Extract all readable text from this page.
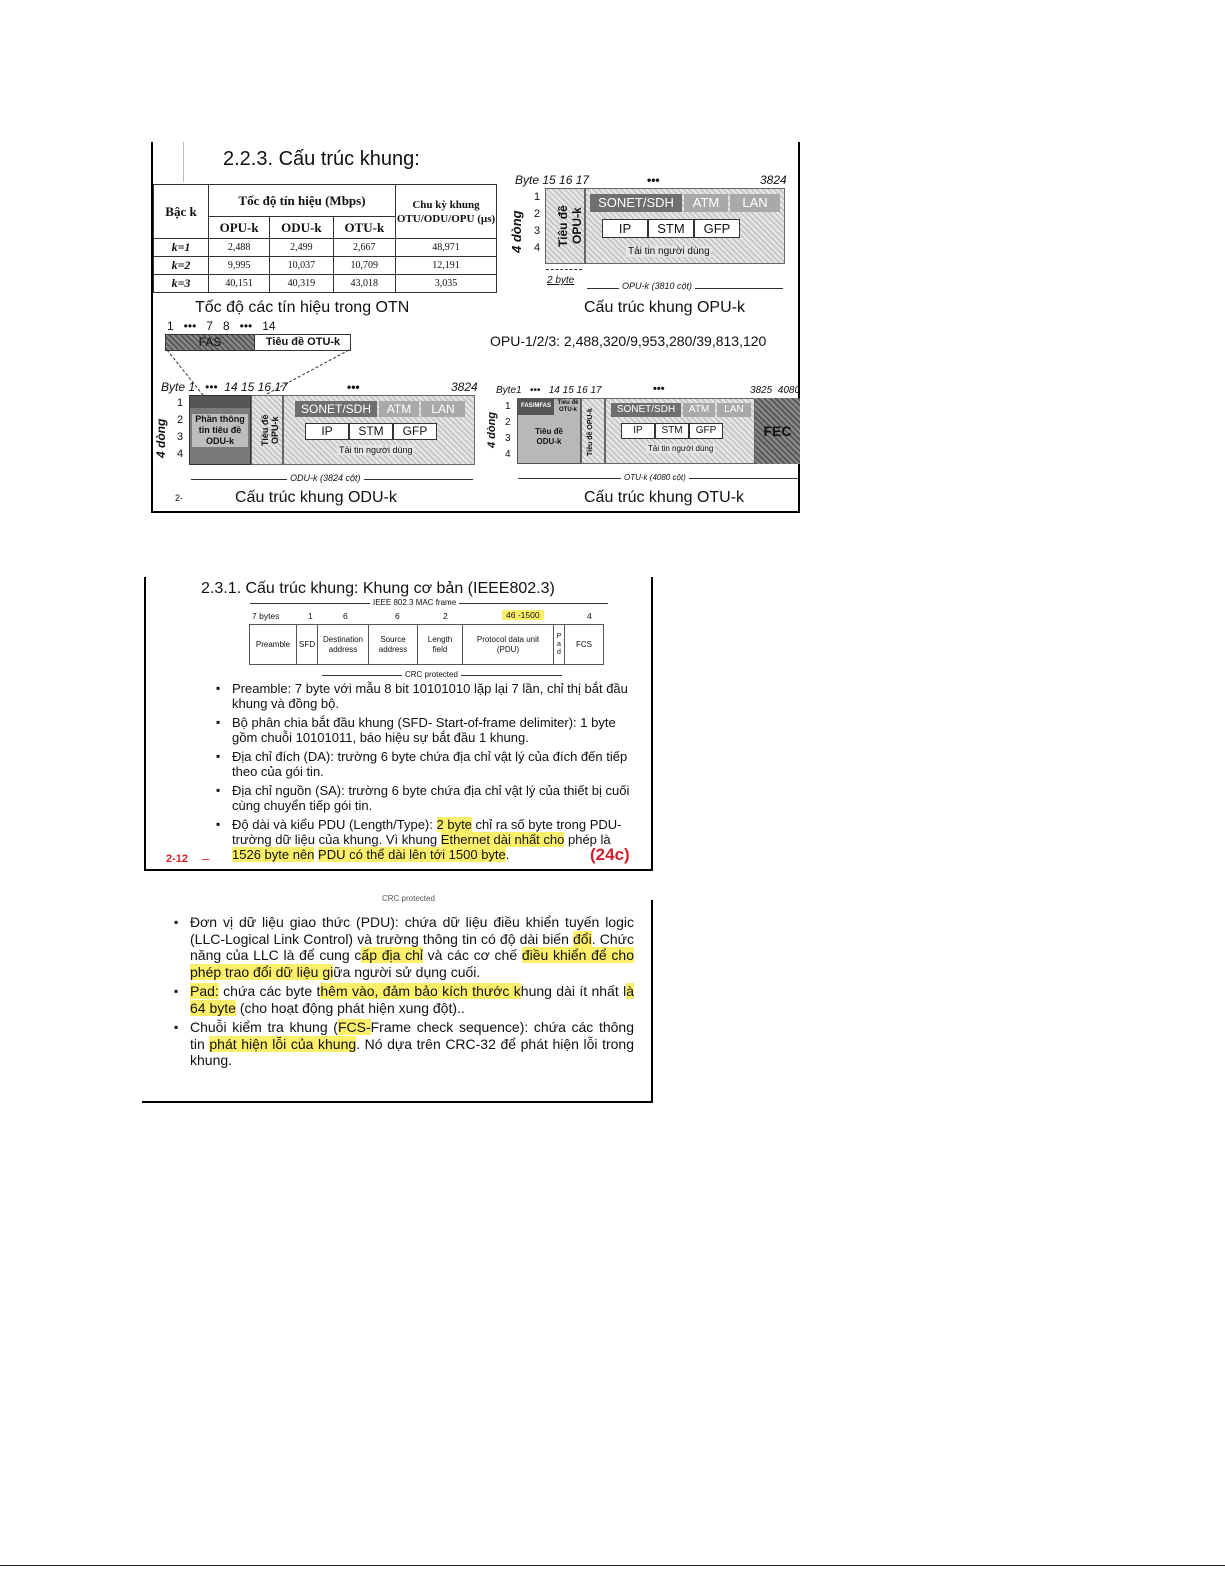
2.2.3. Cấu trúc khung:
Bậc k	Tốc độ tín hiệu (Mbps)			Chu kỳ khung OTU/ODU/OPU (µs)
	OPU-k	ODU-k	OTU-k	
k=1	2,488	2,499	2,667	48,971
k=2	9,995	10,037	10,709	12,191
k=3	40,151	40,319	43,018	3,035
Tốc độ các tín hiệu trong OTN
Byte 15 16 17	•••	3824
4 dòng
1
2
3
4
Tiêu đề OPU-k
SONET/SDH	ATM	LAN
IP	STM	GFP
Tải tin người dùng
2 byte	OPU-k (3810 cột)
Cấu trúc khung OPU-k
OPU-1/2/3: 2,488,320/9,953,280/39,813,120
1   •••   7   8   •••   14
FAS	Tiêu đề OTU-k
Byte 1   •••  14 15 16 17	•••	3824
4 dòng
1
2
3
4
Phần thông tin tiêu đề ODU-k	Tiêu đề OPU-k
SONET/SDH	ATM	LAN
IP	STM	GFP
Tải tin người dùng
ODU-k (3824 cột)
2-	Cấu trúc khung ODU-k
Byte1   •••   14 15 16 17	•••	3825  4080
4 dòng
1
2
3
4
FAS/MFAS	Tiêu đề OTU-k
Tiêu đề ODU-k	Tiêu đề OPU-k	SONET/SDH	ATM	LAN
IP	STM	GFP
Tải tin người dùng
FEC
OTU-k (4080 cột)
Cấu trúc khung OTU-k
2.3.1. Cấu trúc khung: Khung cơ bản (IEEE802.3)
IEEE 802.3 MAC frame
7 bytes	1	6	6	2	46 -1500	4
Preamble	SFD	Destination address	Source address	Length field	Protocol data unit (PDU)	P a d	FCS
CRC protected
▪ Preamble: 7 byte với mẫu 8 bit 10101010 lặp lại 7 lần, chỉ thị bắt đầu khung và đồng bộ.
▪ Bộ phân chia bắt đầu khung (SFD- Start-of-frame delimiter): 1 byte gồm chuỗi 10101011, báo hiệu sự bắt đầu 1 khung.
▪ Địa chỉ đích (DA): trường 6 byte chứa địa chỉ vật lý của đích đến tiếp theo của gói tin.
▪ Địa chỉ nguồn (SA): trường 6 byte chứa địa chỉ vật lý của thiết bị cuối cùng chuyển tiếp gói tin.
▪ Độ dài và kiểu PDU (Length/Type): 2 byte chỉ ra số byte trong PDU- trường dữ liệu của khung. Vì khung Ethernet dài nhất cho phép là 1526 byte nên PDU có thể dài lên tới 1500 byte.
2-12 –	(24c)
CRC protected
▪ Đơn vị dữ liệu giao thức (PDU): chứa dữ liệu điều khiển tuyến logic (LLC-Logical Link Control) và trường thông tin có độ dài biến đổi. Chức năng của LLC là để cung cấp địa chỉ và các cơ chế điều khiển để cho phép trao đổi dữ liệu giữa người sử dụng cuối.
▪ Pad: chứa các byte thêm vào, đảm bảo kích thước khung dài ít nhất là 64 byte (cho hoạt động phát hiện xung đột)..
▪ Chuỗi kiểm tra khung (FCS-Frame check sequence): chứa các thông tin phát hiện lỗi của khung. Nó dựa trên CRC-32 để phát hiện lỗi trong khung.
